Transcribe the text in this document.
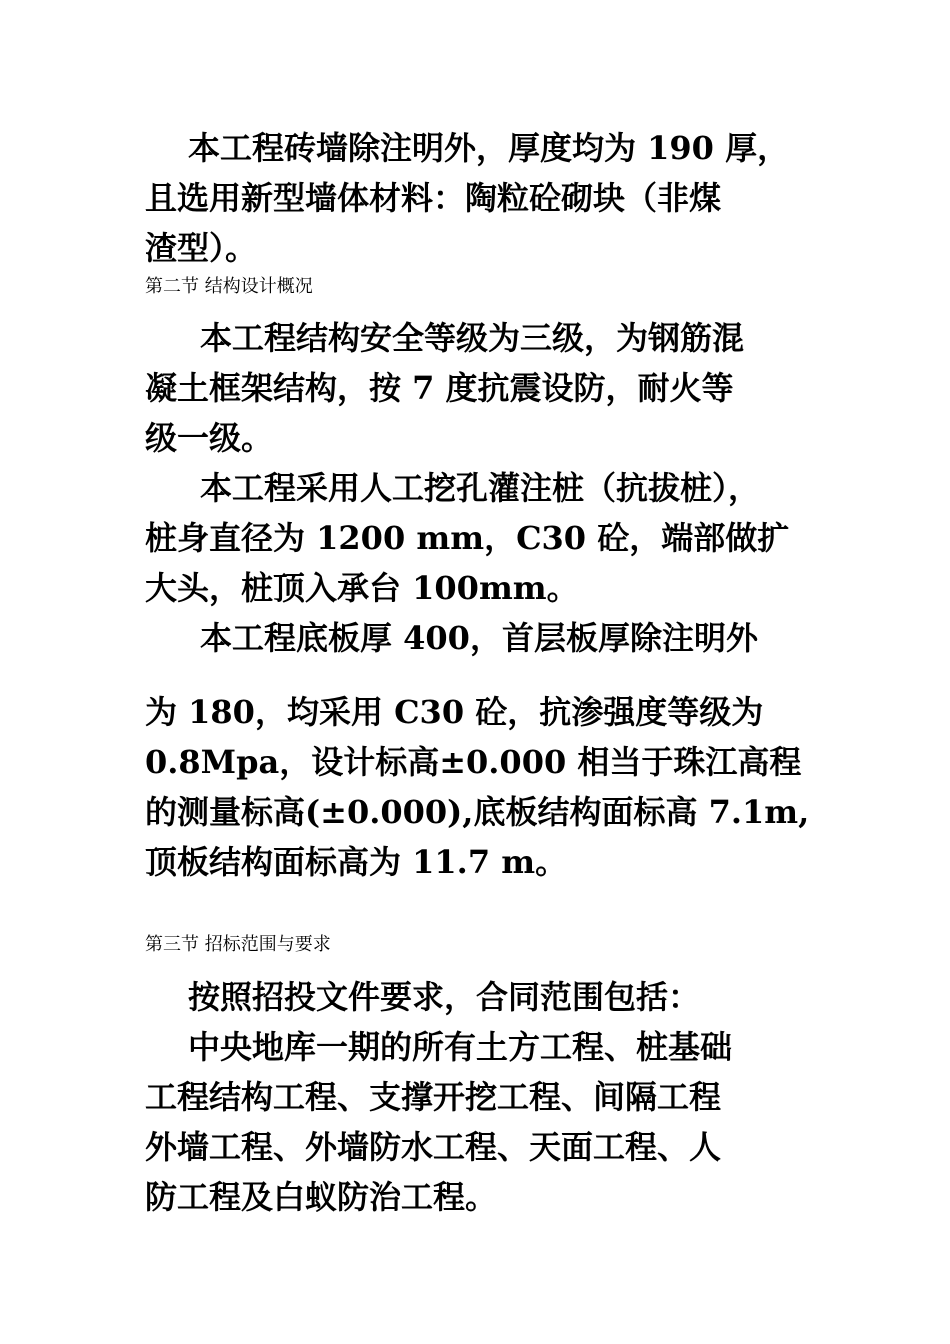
本工程砖墙除注明外，厚度均为 190 厚，
且选用新型墙体材料：陶粒砼砌块（非煤
渣型）。
第二节 结构设计概况
本工程结构安全等级为三级，为钢筋混
凝土框架结构，按 7 度抗震设防，耐火等
级一级。
本工程采用人工挖孔灌注桩（抗拔桩），
桩身直径为 1200 mm，C30 砼，端部做扩
大头，桩顶入承台 100mm。
本工程底板厚 400，首层板厚除注明外
为 180，均采用 C30 砼，抗渗强度等级为
0.8Mpa，设计标高±0.000 相当于珠江高程
的测量标高(±0.000),底板结构面标高 7.1m,
顶板结构面标高为 11.7 m。
第三节 招标范围与要求
按照招投文件要求，合同范围包括：
中央地库一期的所有土方工程、桩基础
工程结构工程、支撑开挖工程、间隔工程
外墙工程、外墙防水工程、天面工程、人
防工程及白蚁防治工程。
